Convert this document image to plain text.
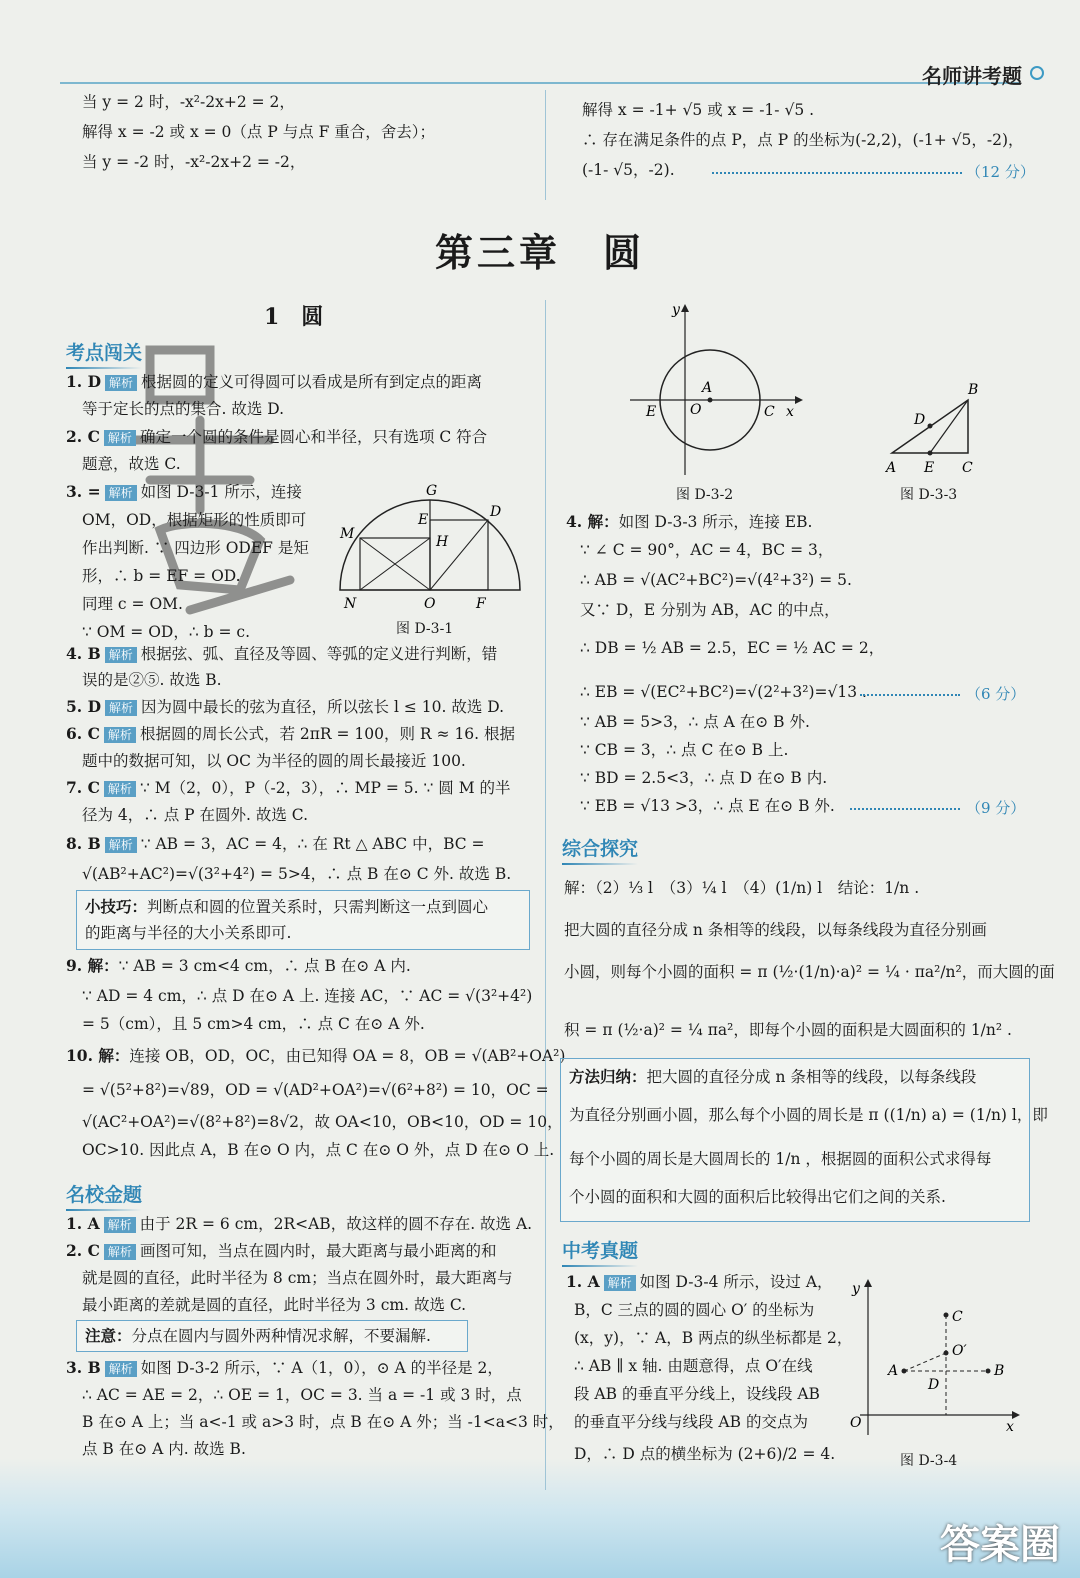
名师讲考题
当 y = 2 时，-x²-2x+2 = 2，
解得 x = -2 或 x = 0（点 P 与点 F 重合，舍去）；
当 y = -2 时，-x²-2x+2 = -2，
解得 x = -1+ √5 或 x = -1- √5 .
∴ 存在满足条件的点 P，点 P 的坐标为(-2,2)，(-1+ √5，-2)，
(-1- √5，-2).	（12 分）
第三章　圆
1　圆
考点闯关
1. D 解析 根据圆的定义可得圆可以看成是所有到定点的距离
等于定长的点的集合. 故选 D.
2. C 解析 确定一个圆的条件是圆心和半径，只有选项 C 符合
题意，故选 C.
3. = 解析 如图 D-3-1 所示，连接
OM，OD，根据矩形的性质即可
作出判断. ∵ 四边形 ODEF 是矩
形，∴ b = EF = OD.
同理 c = OM.
∵ OM = OD，∴ b = c.
G
D
E
H
M
N	O	F
图 D-3-1
4. B 解析 根据弦、弧、直径及等圆、等弧的定义进行判断，错
误的是②⑤. 故选 B.
5. D 解析 因为圆中最长的弦为直径，所以弦长 l ≤ 10. 故选 D.
6. C 解析 根据圆的周长公式，若 2πR = 100，则 R ≈ 16. 根据
题中的数据可知，以 OC 为半径的圆的周长最接近 100.
7. C 解析 ∵ M（2，0），P（-2，3），∴ MP = 5. ∵ 圆 M 的半
径为 4，∴ 点 P 在圆外. 故选 C.
8. B 解析 ∵ AB = 3，AC = 4，∴ 在 Rt △ ABC 中，BC =
√(AB²+AC²)=√(3²+4²) = 5>4，∴ 点 B 在⊙ C 外. 故选 B.
小技巧：判断点和圆的位置关系时，只需判断这一点到圆心
的距离与半径的大小关系即可.
9. 解：∵ AB = 3 cm<4 cm，∴ 点 B 在⊙ A 内.
∵ AD = 4 cm，∴ 点 D 在⊙ A 上. 连接 AC，∵ AC = √(3²+4²)
= 5（cm），且 5 cm>4 cm，∴ 点 C 在⊙ A 外.
10. 解：连接 OB，OD，OC，由已知得 OA = 8，OB = √(AB²+OA²)
= √(5²+8²)=√89，OD = √(AD²+OA²)=√(6²+8²) = 10，OC =
√(AC²+OA²)=√(8²+8²)=8√2，故 OA<10，OB<10，OD = 10，
OC>10. 因此点 A，B 在⊙ O 内，点 C 在⊙ O 外，点 D 在⊙ O 上.
名校金题
1. A 解析 由于 2R = 6 cm，2R<AB，故这样的圆不存在. 故选 A.
2. C 解析 画图可知，当点在圆内时，最大距离与最小距离的和
就是圆的直径，此时半径为 8 cm；当点在圆外时，最大距离与
最小距离的差就是圆的直径，此时半径为 3 cm. 故选 C.
注意：分点在圆内与圆外两种情况求解，不要漏解.
3. B 解析 如图 D-3-2 所示，∵ A（1，0），⊙ A 的半径是 2，
∴ AC = AE = 2，∴ OE = 1，OC = 3. 当 a = -1 或 3 时，点
B 在⊙ A 上；当 a<-1 或 a>3 时，点 B 在⊙ A 外；当 -1<a<3 时，
点 B 在⊙ A 内. 故选 B.
y
x
A
O
E	C
图 D-3-2
B
D
A E C
图 D-3-3
4. 解：如图 D-3-3 所示，连接 EB.
∵ ∠ C = 90°，AC = 4，BC = 3，
∴ AB = √(AC²+BC²)=√(4²+3²) = 5.
又∵ D，E 分别为 AB，AC 的中点，
∴ DB = ½ AB = 2.5，EC = ½ AC = 2，
∴ EB = √(EC²+BC²)=√(2²+3²)=√13 .	（6 分）
∵ AB = 5>3，∴ 点 A 在⊙ B 外.
∵ CB = 3，∴ 点 C 在⊙ B 上.
∵ BD = 2.5<3，∴ 点 D 在⊙ B 内.
∵ EB = √13 >3，∴ 点 E 在⊙ B 外.	（9 分）
综合探究
解：（2）⅓ l　（3）¼ l　（4）(1/n) l　结论：1/n .
把大圆的直径分成 n 条相等的线段，以每条线段为直径分别画
小圆，则每个小圆的面积 = π (½·(1/n)·a)² = ¼ · πa²/n²，而大圆的面
积 = π (½·a)² = ¼ πa²，即每个小圆的面积是大圆面积的 1/n² .
方法归纳：把大圆的直径分成 n 条相等的线段，以每条线段
为直径分别画小圆，那么每个小圆的周长是 π ((1/n) a) = (1/n) l，即
每个小圆的周长是大圆周长的 1/n ，根据圆的面积公式求得每
个小圆的面积和大圆的面积后比较得出它们之间的关系.
中考真题
1. A 解析 如图 D-3-4 所示，设过 A，
B，C 三点的圆的圆心 O′ 的坐标为
(x，y)，∵ A，B 两点的纵坐标都是 2，
∴ AB ∥ x 轴. 由题意得，点 O′在线
段 AB 的垂直平分线上，设线段 AB
的垂直平分线与线段 AB 的交点为
D，∴ D 点的横坐标为 (2+6)/2 = 4.
y
x
C
O′
A
D
B
O
图 D-3-4
答案圈
